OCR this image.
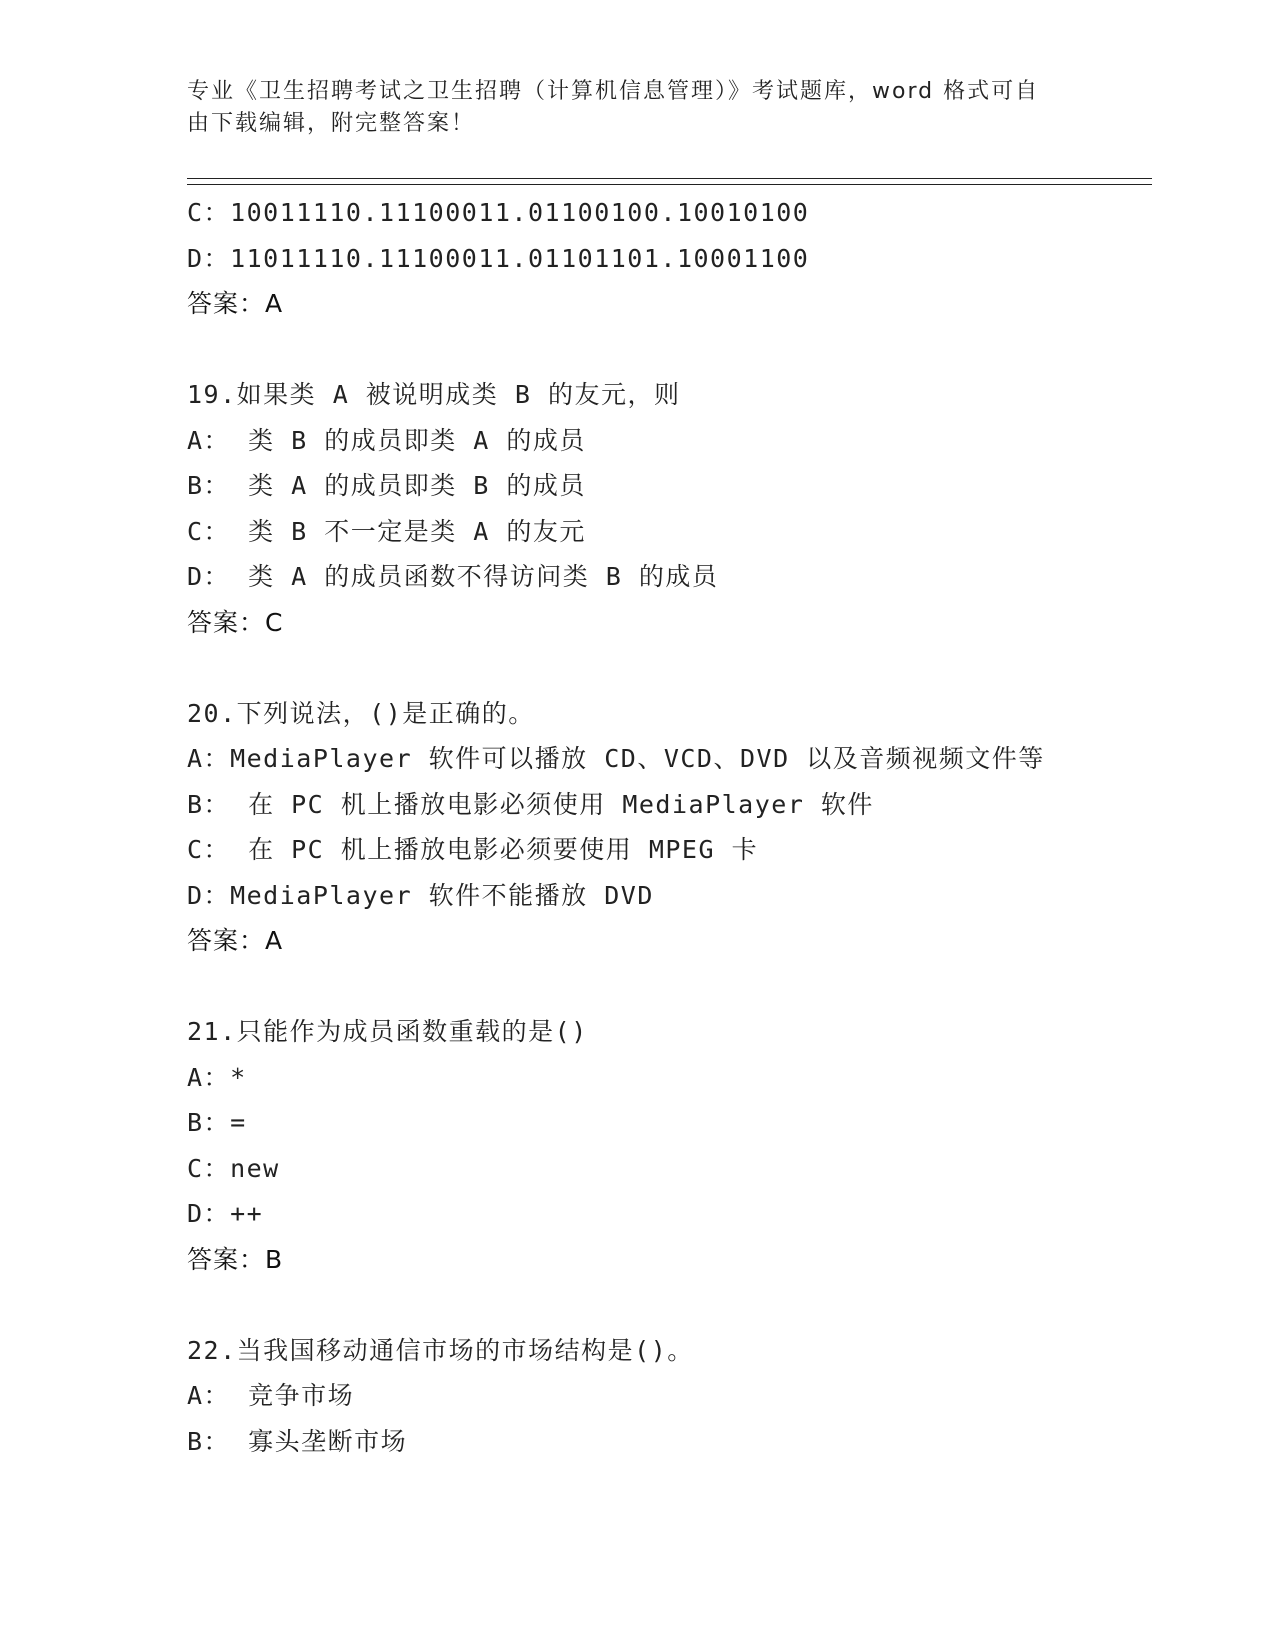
专业《卫生招聘考试之卫生招聘（计算机信息管理）》考试题库，word 格式可自
由下载编辑，附完整答案！
C：10011110.11100011.01100100.10010100
D：11011110.11100011.01101101.10001100
答案：A
19.如果类 A 被说明成类 B 的友元，则
A： 类 B 的成员即类 A 的成员
B： 类 A 的成员即类 B 的成员
C： 类 B 不一定是类 A 的友元
D： 类 A 的成员函数不得访问类 B 的成员
答案：C
20.下列说法，()是正确的。
A：MediaPlayer 软件可以播放 CD、VCD、DVD 以及音频视频文件等
B： 在 PC 机上播放电影必须使用 MediaPlayer 软件
C： 在 PC 机上播放电影必须要使用 MPEG 卡
D：MediaPlayer 软件不能播放 DVD
答案：A
21.只能作为成员函数重载的是()
A：*
B：=
C：new
D：++
答案：B
22.当我国移动通信市场的市场结构是()。
A： 竞争市场
B： 寡头垄断市场
